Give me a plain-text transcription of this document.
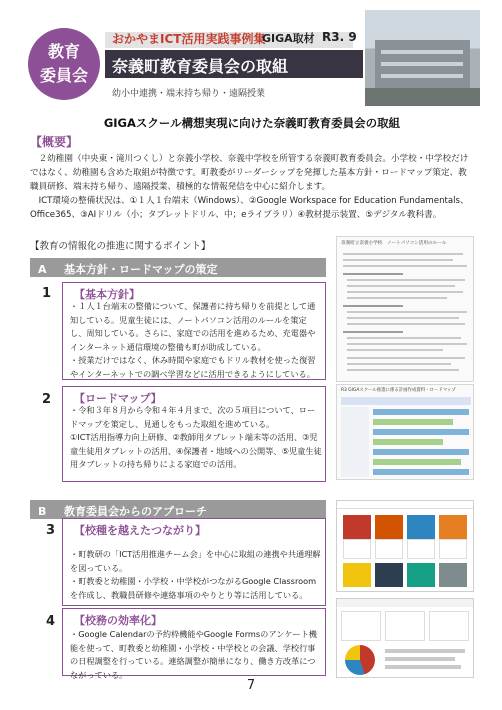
教育
委員会
おかやまICT活用実践事例集
GIGA取材 R3. 9
奈義町教育委員会の取組
幼小中連携・端末持ち帰り・遠隔授業
GIGAスクール構想実現に向けた奈義町教育委員会の取組
【概要】
　２幼稚園（中央東・滝川つくし）と奈義小学校、奈義中学校を所管する奈義町教育委員会。小学校・中学校だけではなく、幼稚園も含めた取組が特徴です。町教委がリーダーシップを発揮した基本方針・ロードマップ策定、教職員研修、端末持ち帰り、遠隔授業、積極的な情報発信を中心に紹介します。
　ICT環境の整備状況は、①１人１台端末（Windows）、②Google Workspace for Education Fundamentals、Office365、③AIドリル（小；タブレットドリル、中；eライブラリ）④教材提示装置、⑤デジタル教科書。
【教育の情報化の推進に関するポイント】
A 基本方針・ロードマップの策定
1 【基本方針】
・１人１台端末の整備について、保護者に持ち帰りを前提として通知している。児童生徒には、ノートパソコン活用のルールを策定し、周知している。さらに、家庭での活用を進めるため、充電器やインターネット通信環境の整備も町が助成している。
・授業だけではなく、休み時間や家庭でもドリル教材を使った復習やインターネットでの調べ学習などに活用できるようにしている。
2 【ロードマップ】
・令和３年８月から令和４年４月まで、次の５項目について、ロードマップを策定し、見通しをもった取組を進めている。
①ICT活用指導力向上研修、②教師用タブレット端末等の活用、③児童生徒用タブレットの活用、④保護者・地域への公開等、⑤児童生徒用タブレットの持ち帰りによる家庭での活用。
B 教育委員会からのアプローチ
3 【校種を越えたつながり】
・町教研の「ICT活用推進チーム会」を中心に取組の連携や共通理解を図っている。
・町教委と幼稚園・小学校・中学校がつながるGoogle Classroomを作成し、教職員研修や連絡事項のやりとり等に活用している。
4 【校務の効率化】
・Google Calendarの予約枠機能やGoogle Formsのアンケート機能を使って、町教委と幼稚園・小学校・中学校との会議、学校行事の日程調整を行っている。連絡調整が簡単になり、働き方改革につながっている。
奈義町立奈義小学校　ノートパソコン活用のルール
R3 GIGAスクール推進に係る計画作成資料・ロードマップ
7
